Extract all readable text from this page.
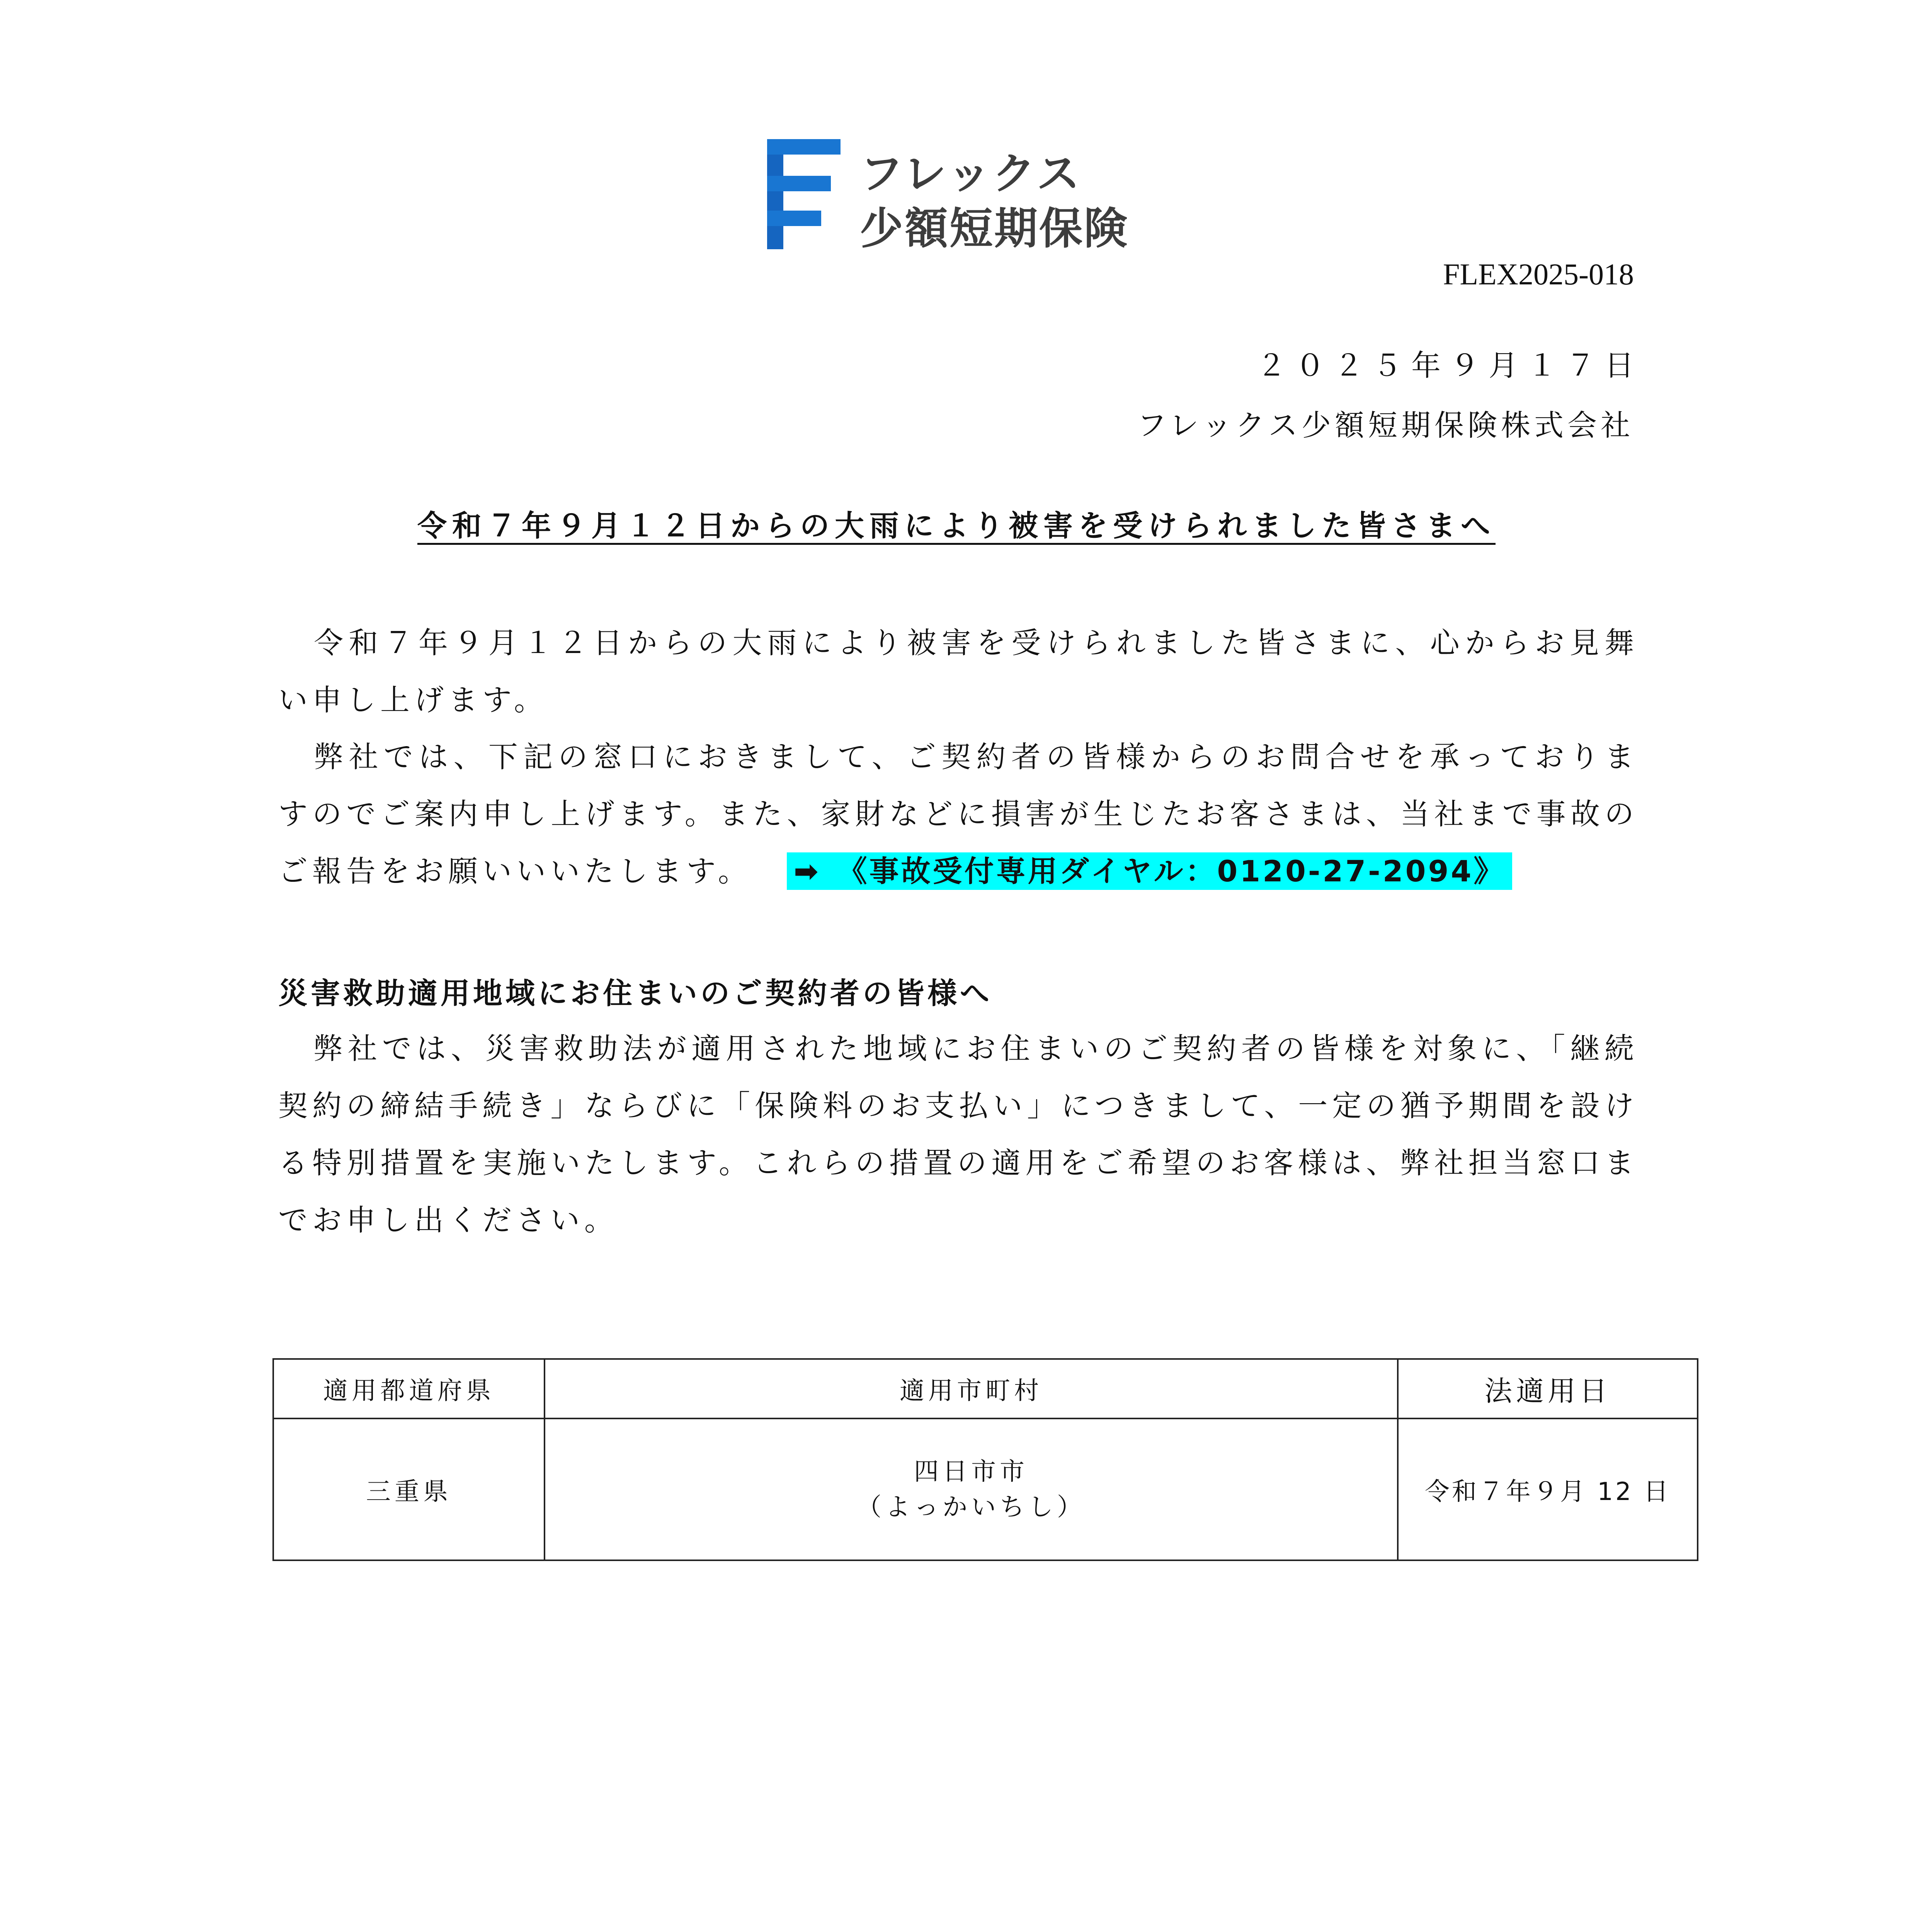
フレックス
少額短期保険
FLEX2025-018
２０２５年９月１７日
フレックス少額短期保険株式会社
令和７年９月１２日からの大雨により被害を受けられました皆さまへ
令和７年９月１２日からの大雨により被害を受けられました皆さまに、心からお見舞い申し上げます。
弊社では、下記の窓口におきまして、ご契約者の皆様からのお問合せを承っておりますのでご案内申し上げます。また、家財などに損害が生じたお客さまは、当社まで事故のご報告をお願いいいたします。 ➡　《事故受付専用ダイヤル：0120-27-2094》
災害救助適用地域にお住まいのご契約者の皆様へ
弊社では、災害救助法が適用された地域にお住まいのご契約者の皆様を対象に、「継続契約の締結手続き」ならびに「保険料のお支払い」につきまして、一定の猶予期間を設ける特別措置を実施いたします。これらの措置の適用をご希望のお客様は、弊社担当窓口までお申し出ください。
適用都道府県	適用市町村	法適用日
三重県
四日市市
（よっかいちし）
令和７年９月 12 日
